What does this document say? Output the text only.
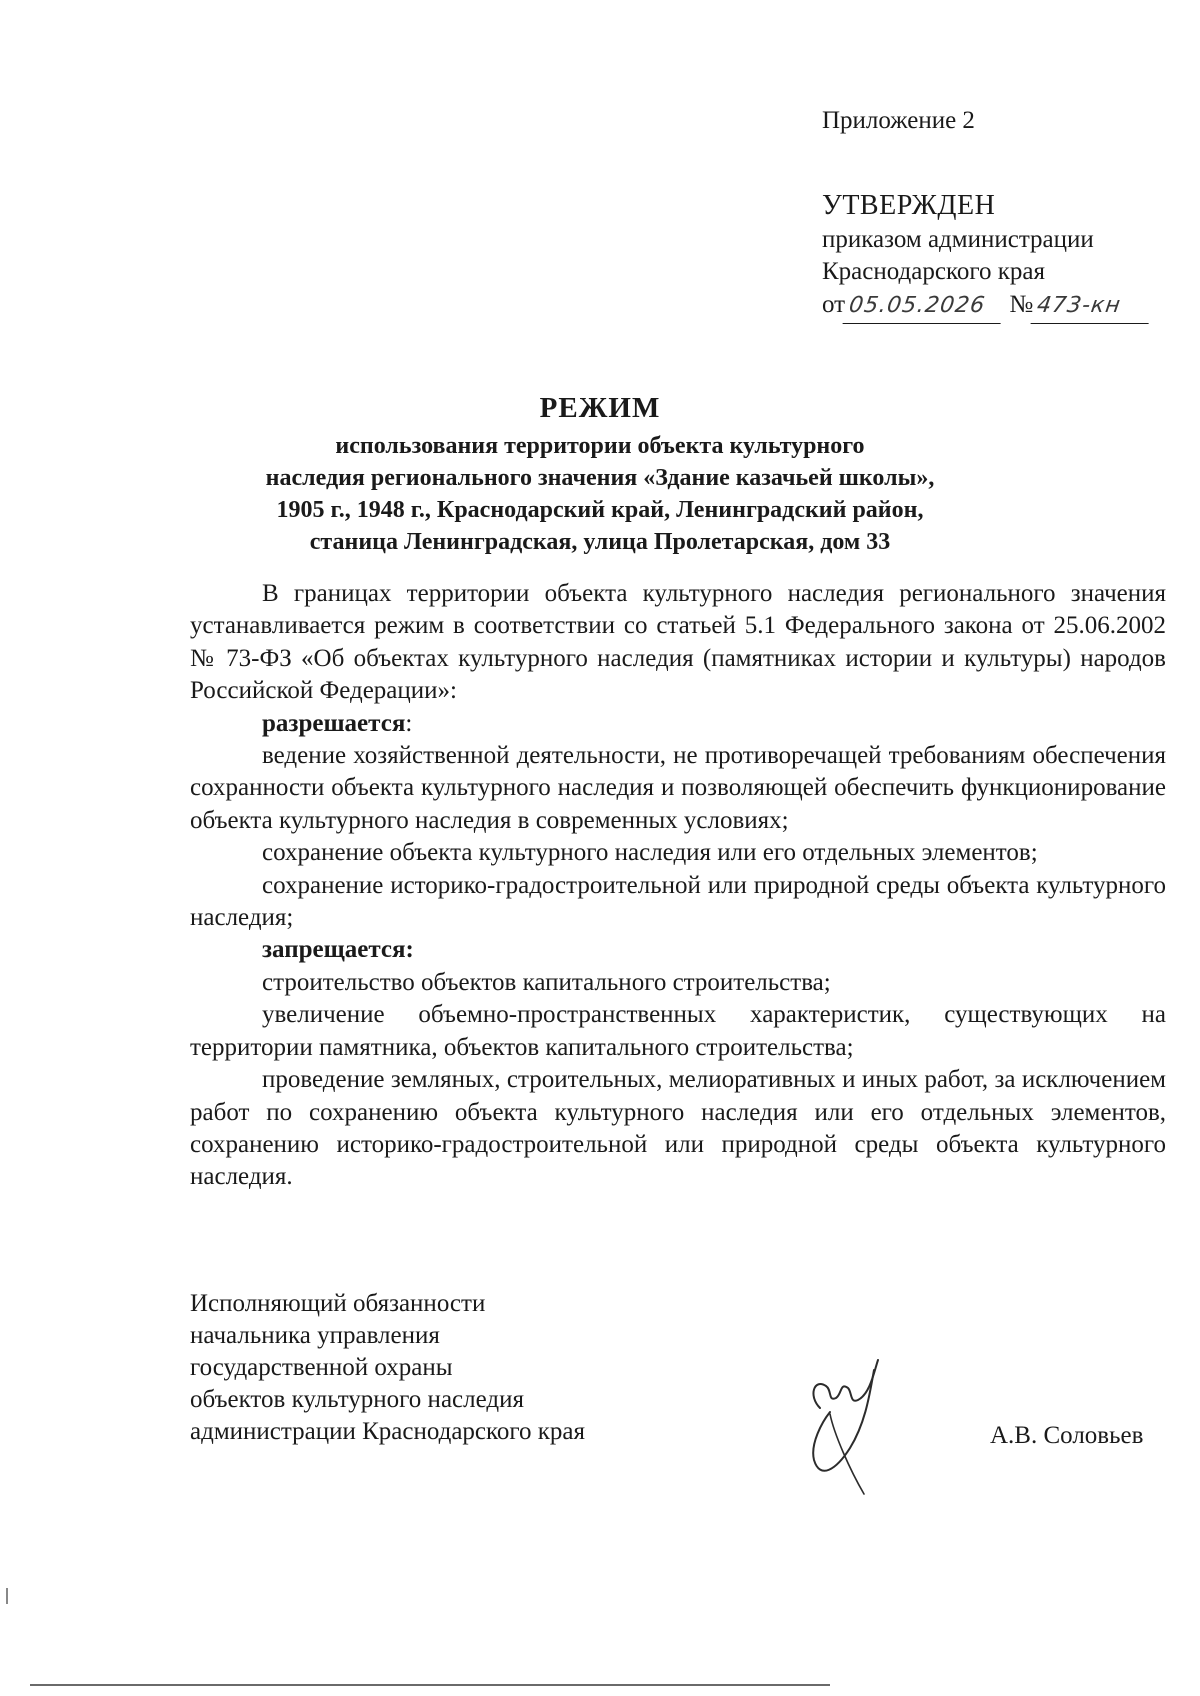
Приложение 2
УТВЕРЖДЕН
приказом администрации
Краснодарского края
от 05.05.2026 № 473-кн
РЕЖИМ
использования территории объекта культурного
наследия регионального значения «Здание казачьей школы»,
1905 г., 1948 г., Краснодарский край, Ленинградский район,
станица Ленинградская, улица Пролетарская, дом 33

В границах территории объекта культурного наследия регионального значения устанавливается режим в соответствии со статьей 5.1 Федерального закона от 25.06.2002 № 73-ФЗ «Об объектах культурного наследия (памятниках истории и культуры) народов Российской Федерации»:

разрешается:

ведение хозяйственной деятельности, не противоречащей требованиям обеспечения сохранности объекта культурного наследия и позволяющей обеспечить функционирование объекта культурного наследия в современных условиях;

сохранение объекта культурного наследия или его отдельных элементов;

сохранение историко-градостроительной или природной среды объекта культурного наследия;

запрещается:

строительство объектов капитального строительства;

увеличение объемно-пространственных характеристик, существующих на территории памятника, объектов капитального строительства;

проведение земляных, строительных, мелиоративных и иных работ, за исключением работ по сохранению объекта культурного наследия или его отдельных элементов, сохранению историко-градостроительной или природной среды объекта культурного наследия.

Исполняющий обязанности
начальника управления
государственной охраны
объектов культурного наследия
администрации Краснодарского края	А.В. Соловьев
